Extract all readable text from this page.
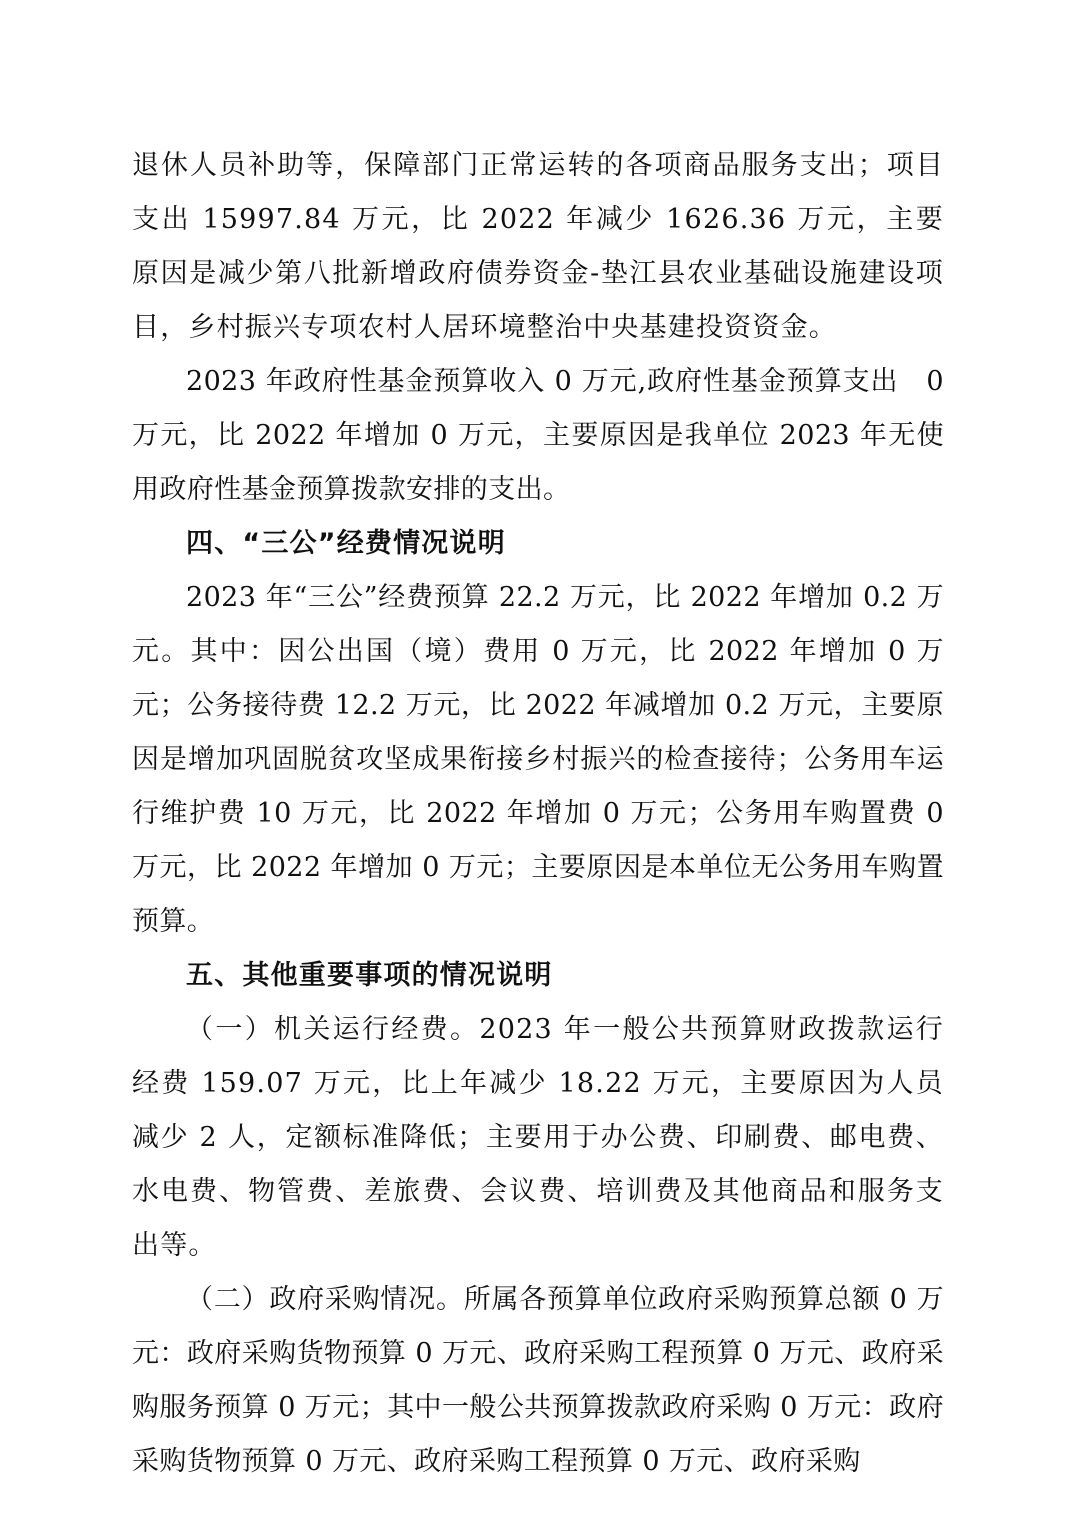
退休人员补助等，保障部门正常运转的各项商品服务支出；项目支出 15997.84 万元，比 2022 年减少 1626.36 万元，主要原因是减少第八批新增政府债券资金-垫江县农业基础设施建设项目，乡村振兴专项农村人居环境整治中央基建投资资金。

2023 年政府性基金预算收入 0 万元,政府性基金预算支出　0 万元，比 2022 年增加 0 万元，主要原因是我单位 2023 年无使用政府性基金预算拨款安排的支出。

四、“三公”经费情况说明

2023 年“三公”经费预算 22.2 万元，比 2022 年增加 0.2 万元。其中：因公出国（境）费用 0 万元，比 2022 年增加 0 万元；公务接待费 12.2 万元，比 2022 年减增加 0.2 万元，主要原因是增加巩固脱贫攻坚成果衔接乡村振兴的检查接待；公务用车运行维护费 10 万元，比 2022 年增加 0 万元；公务用车购置费 0 万元，比 2022 年增加 0 万元；主要原因是本单位无公务用车购置预算。

五、其他重要事项的情况说明

（一）机关运行经费。2023 年一般公共预算财政拨款运行经费 159.07 万元，比上年减少 18.22 万元，主要原因为人员减少 2 人，定额标准降低；主要用于办公费、印刷费、邮电费、水电费、物管费、差旅费、会议费、培训费及其他商品和服务支出等。

（二）政府采购情况。所属各预算单位政府采购预算总额 0 万元：政府采购货物预算 0 万元、政府采购工程预算 0 万元、政府采购服务预算 0 万元；其中一般公共预算拨款政府采购 0 万元：政府采购货物预算 0 万元、政府采购工程预算 0 万元、政府采购
